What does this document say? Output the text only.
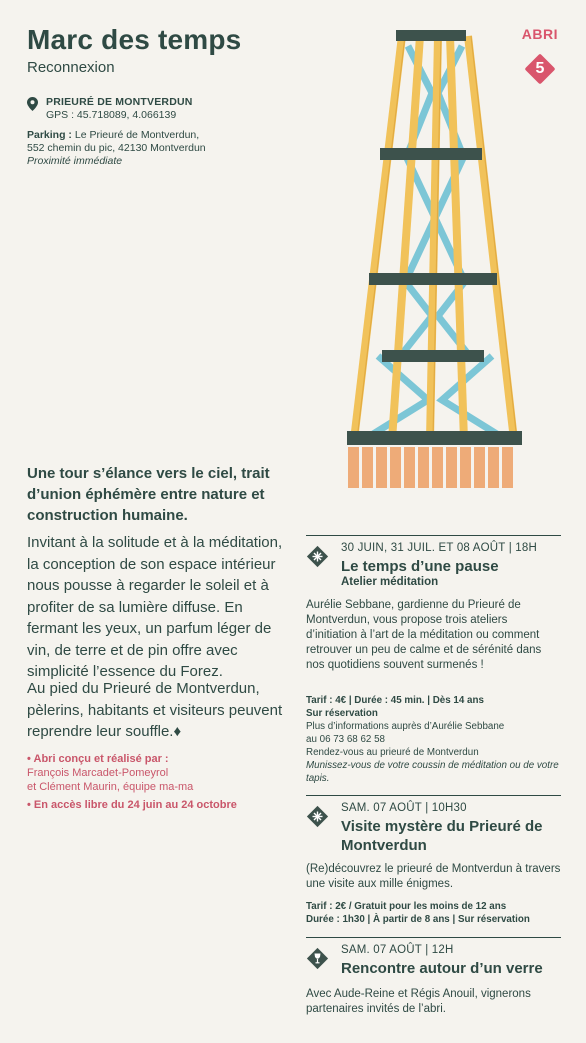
Marc des temps
Reconnexion
ABRI
5
PRIEURÉ DE MONTVERDUN
GPS : 45.718089, 4.066139
Parking : Le Prieuré de Montverdun,
552 chemin du pic, 42130 Montverdun
Proximité immédiate
Une tour s’élance vers le ciel, trait d’union éphémère entre nature et construction humaine.
Invitant à la solitude et à la méditation, la conception de son espace intérieur nous pousse à regarder le soleil et à profiter de sa lumière diffuse. En fermant les yeux, un parfum léger de vin, de terre et de pin offre avec simplicité l’essence du Forez.
Au pied du Prieuré de Montverdun, pèlerins, habitants et visiteurs peuvent reprendre leur souffle.♦
• Abri conçu et réalisé par :
François Marcadet-Pomeyrol
et Clément Maurin, équipe ma-ma
• En accès libre du 24 juin au 24 octobre
30 JUIN, 31 JUIL. ET 08 AOÛT | 18H
Le temps d’une pause
Atelier méditation
Aurélie Sebbane, gardienne du Prieuré de Montverdun, vous propose trois ateliers d’initiation à l’art de la méditation ou comment retrouver un peu de calme et de sérénité dans nos quotidiens souvent surmenés !
Tarif : 4€ | Durée : 45 min. | Dès 14 ans
Sur réservation
Plus d’informations auprès d’Aurélie Sebbane
au 06 73 68 62 58
Rendez-vous au prieuré de Montverdun
Munissez-vous de votre coussin de méditation ou de votre tapis.
SAM. 07 AOÛT | 10H30
Visite mystère du Prieuré de Montverdun
(Re)découvrez le prieuré de Montverdun à travers une visite aux mille énigmes.
Tarif : 2€ / Gratuit pour les moins de 12 ans
Durée : 1h30 | À partir de 8 ans | Sur réservation
SAM. 07 AOÛT | 12H
Rencontre autour d’un verre
Avec Aude-Reine et Régis Anouil, vignerons partenaires invités de l’abri.
